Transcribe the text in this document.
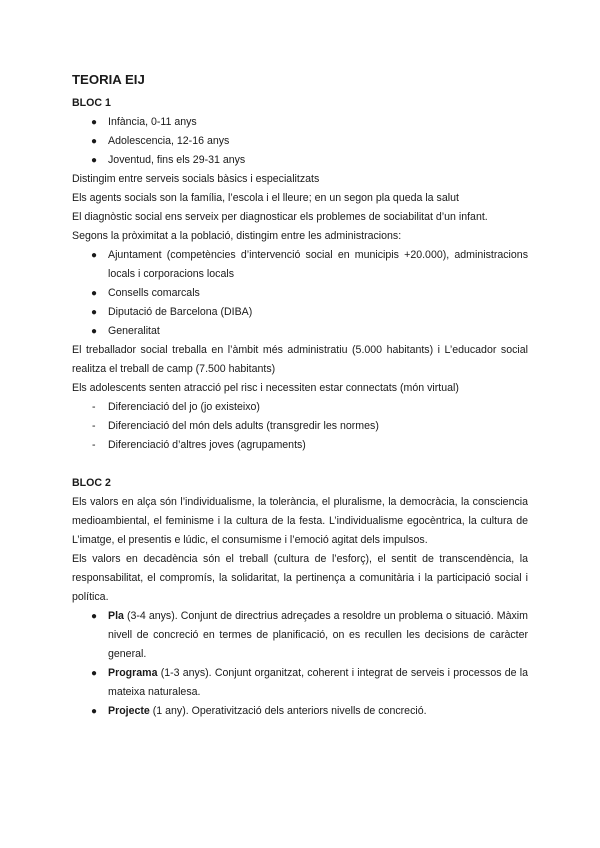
TEORIA EIJ
BLOC 1
●	Infància, 0-11 anys
●	Adolescencia, 12-16 anys
●	Joventud, fins els 29-31 anys

Distingim entre serveis socials bàsics i especialitzats

Els agents socials son la família, l’escola i el lleure; en un segon pla queda la salut

El diagnòstic social ens serveix per diagnosticar els problemes de sociabilitat d’un infant.

Segons la pròximitat a la població, distingim entre les administracions:

●	Ajuntament (competències d’intervenció social en municipis +20.000), administracions locals i corporacions locals
●	Consells comarcals
●	Diputació de Barcelona (DIBA)
●	Generalitat

El treballador social treballa en l’àmbit més administratiu (5.000 habitants) i L’educador social realitza el treball de camp (7.500 habitants)

Els adolescents senten atracció pel risc i necessiten estar connectats (món virtual)

-	Diferenciació del jo (jo existeixo)
-	Diferenciació del món dels adults (transgredir les normes)
-	Diferenciació d’altres joves (agrupaments)
BLOC 2

Els valors en alça són l’individualisme, la tolerància, el pluralisme, la democràcia, la consciencia medioambiental, el feminisme i la cultura de la festa. L’individualisme egocèntrica, la cultura de L’imatge, el presentis e lúdic, el consumisme i l’emoció agitat dels impulsos.

Els valors en decadència són el treball (cultura de l’esforç), el sentit de transcendència, la responsabilitat, el compromís, la solidaritat, la pertinença a comunitària i la participació social i política.

●	Pla (3-4 anys). Conjunt de directrius adreçades a resoldre un problema o situació. Màxim nivell de concreció en termes de planificació, on es recullen les decisions de caràcter general.
●	Programa (1-3 anys). Conjunt organitzat, coherent i integrat de serveis i processos de la mateixa naturalesa.
●	Projecte (1 any). Operativització dels anteriors nivells de concreció.
